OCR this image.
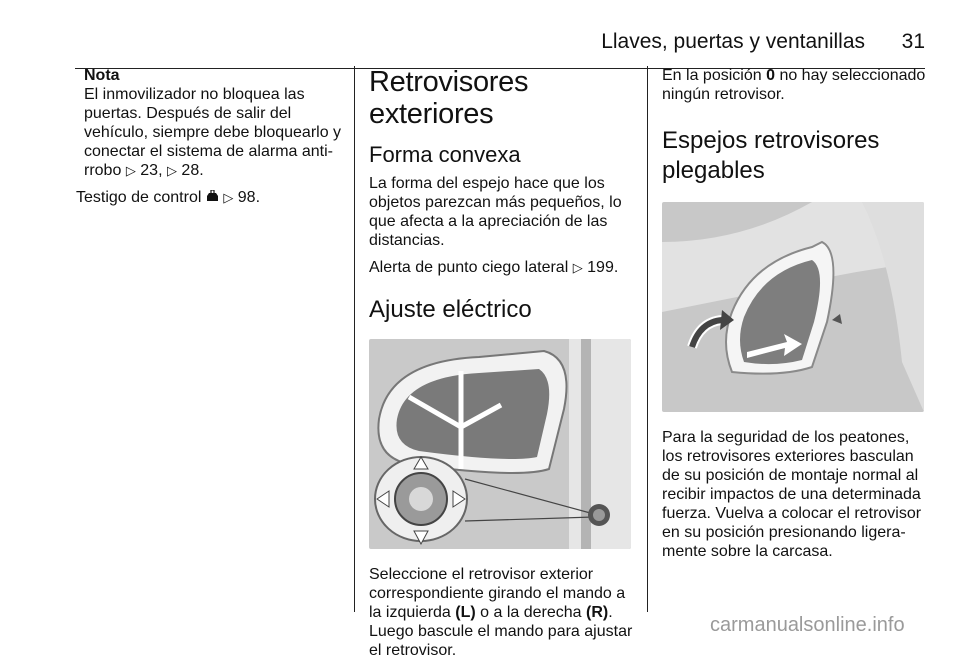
Llaves, puertas y ventanillas 31
Nota

El inmovilizador no bloquea las puertas. Después de salir del vehículo, siempre debe bloquearlo y conectar el sistema de alarma antirrobo ▷ 23, ▷ 28.

Testigo de control ▷ 98.

Retrovisores exteriores
Forma convexa

La forma del espejo hace que los objetos parezcan más pequeños, lo que afecta a la apreciación de las distancias.

Alerta de punto ciego lateral ▷ 199.

Ajuste eléctrico

Seleccione el retrovisor exterior correspondiente girando el mando a la izquierda (L) o a la derecha (R). Luego bascule el mando para ajustar el retrovisor.

En la posición 0 no hay seleccionado ningún retrovisor.

Espejos retrovisores plegables

Para la seguridad de los peatones, los retrovisores exteriores basculan de su posición de montaje normal al recibir impactos de una determinada fuerza. Vuelva a colocar el retrovisor en su posición presionando ligeramente sobre la carcasa.

carmanualsonline.info
